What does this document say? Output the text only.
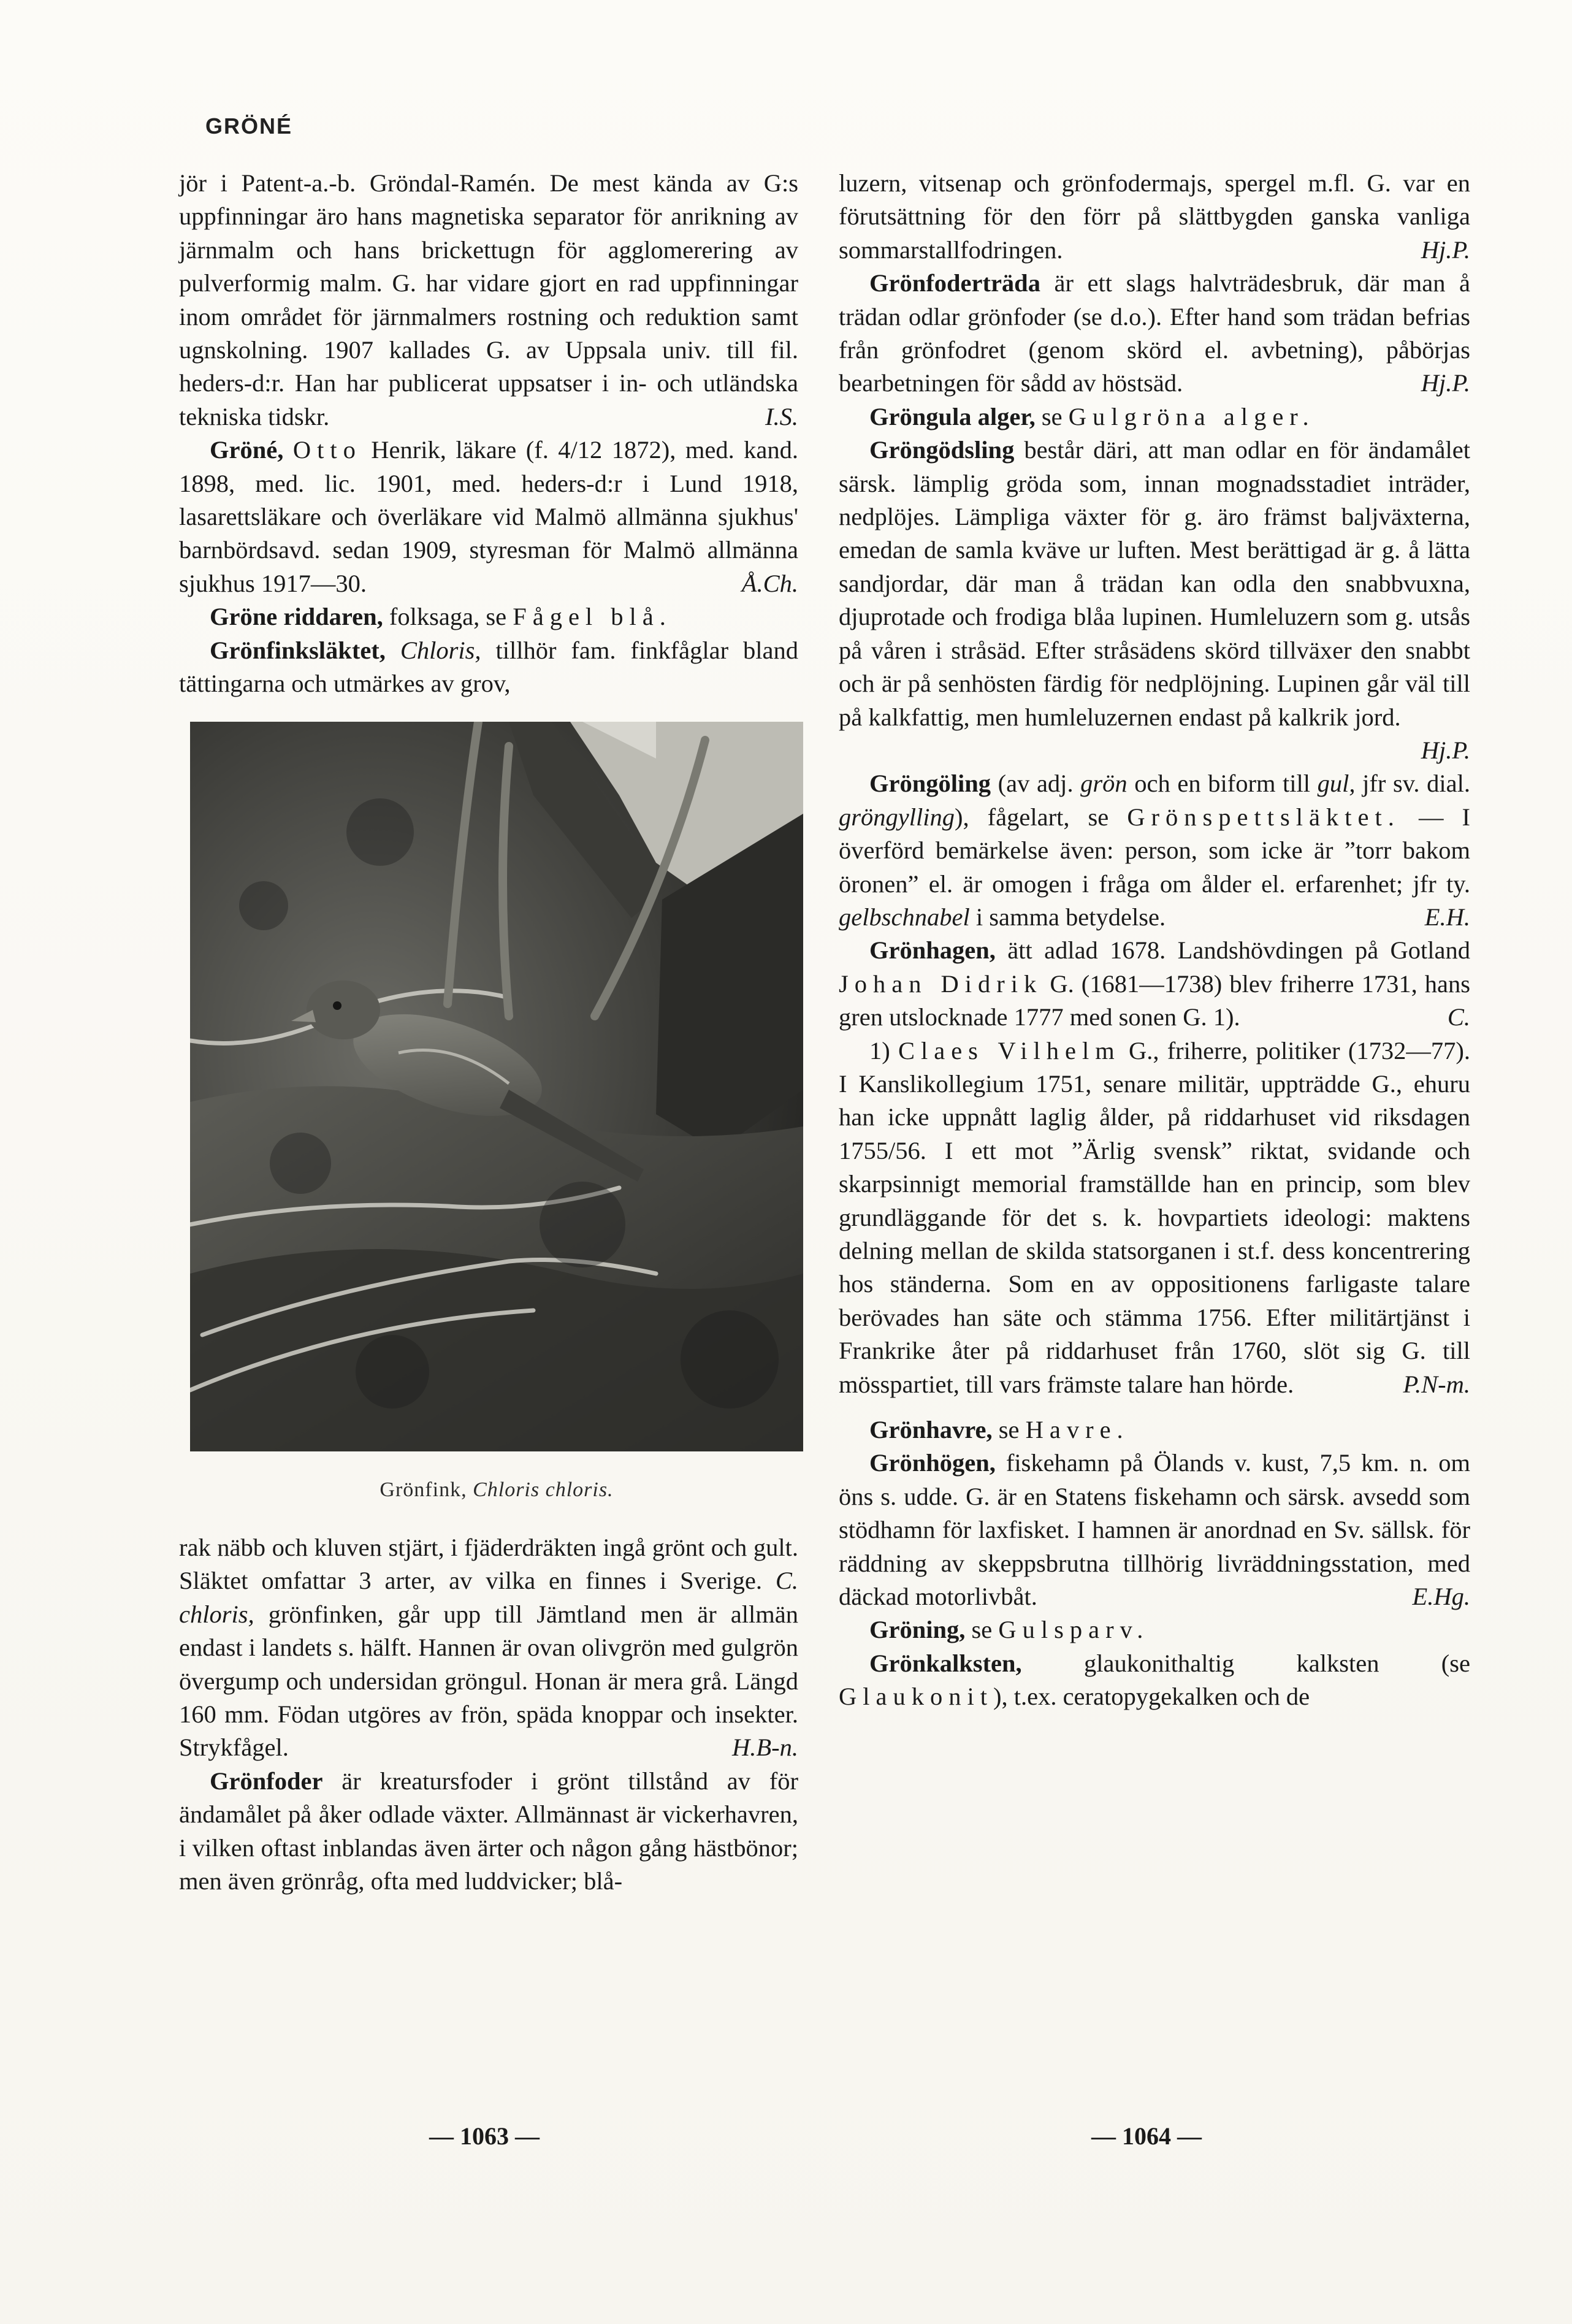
GRÖNÉ

jör i Patent-a.-b. Gröndal-Ramén. De mest kända av G:s uppfinningar äro hans magnetiska separator för anrikning av järnmalm och hans brickettugn för agglomerering av pulverformig malm. G. har vidare gjort en rad uppfinningar inom området för järnmalmers rostning och reduktion samt ugnskolning. 1907 kallades G. av Uppsala univ. till fil. heders-d:r. Han har publicerat uppsatser i in- och utländska tekniska tidskr.	I.S.

Gröné, Otto Henrik, läkare (f. 4/12 1872), med. kand. 1898, med. lic. 1901, med. heders-d:r i Lund 1918, lasarettsläkare och överläkare vid Malmö allmänna sjukhus' barnbördsavd. sedan 1909, styresman för Malmö allmänna sjukhus 1917—30.	Å.Ch.

Gröne riddaren, folksaga, se Fågel blå.

Grönfinksläktet, Chloris, tillhör fam. finkfåglar bland tättingarna och utmärkes av grov,

Grönfink, Chloris chloris.

rak näbb och kluven stjärt, i fjäderdräkten ingå grönt och gult. Släktet omfattar 3 arter, av vilka en finnes i Sverige. C. chloris, grönfinken, går upp till Jämtland men är allmän endast i landets s. hälft. Hannen är ovan olivgrön med gulgrön övergump och undersidan gröngul. Honan är mera grå. Längd 160 mm. Födan utgöres av frön, späda knoppar och insekter. Strykfågel.	H.B-n.

Grönfoder är kreatursfoder i grönt tillstånd av för ändamålet på åker odlade växter. Allmännast är vickerhavren, i vilken oftast inblandas även ärter och någon gång hästbönor; men även grönråg, ofta med luddvicker; blå-

luzern, vitsenap och grönfodermajs, spergel m.fl. G. var en förutsättning för den förr på slättbygden ganska vanliga sommarstallfodringen.	Hj.P.

Grönfoderträda är ett slags halvträdesbruk, där man å trädan odlar grönfoder (se d.o.). Efter hand som trädan befrias från grönfodret (genom skörd el. avbetning), påbörjas bearbetningen för sådd av höstsäd.	Hj.P.

Gröngula alger, se Gulgröna alger.

Gröngödsling består däri, att man odlar en för ändamålet särsk. lämplig gröda som, innan mognadsstadiet inträder, nedplöjes. Lämpliga växter för g. äro främst baljväxterna, emedan de samla kväve ur luften. Mest berättigad är g. å lätta sandjordar, där man å trädan kan odla den snabbvuxna, djuprotade och frodiga blåa lupinen. Humleluzern som g. utsås på våren i stråsäd. Efter stråsädens skörd tillväxer den snabbt och är på senhösten färdig för nedplöjning. Lupinen går väl till på kalkfattig, men humleluzernen endast på kalkrik jord.
Hj.P.

Gröngöling (av adj. grön och en biform till gul, jfr sv. dial. gröngylling), fågelart, se Grönspettsläktet. — I överförd bemärkelse även: person, som icke är ”torr bakom öronen” el. är omogen i fråga om ålder el. erfarenhet; jfr ty. gelbschnabel i samma betydelse.	E.H.

Grönhagen, ätt adlad 1678. Landshövdingen på Gotland Johan Didrik G. (1681—1738) blev friherre 1731, hans gren utslocknade 1777 med sonen G. 1).	C.

1) Claes Vilhelm G., friherre, politiker (1732—77). I Kanslikollegium 1751, senare militär, uppträdde G., ehuru han icke uppnått laglig ålder, på riddarhuset vid riksdagen 1755/56. I ett mot ”Ärlig svensk” riktat, svidande och skarpsinnigt memorial framställde han en princip, som blev grundläggande för det s. k. hovpartiets ideologi: maktens delning mellan de skilda statsorganen i st.f. dess koncentrering hos ständerna. Som en av oppositionens farligaste talare berövades han säte och stämma 1756. Efter militärtjänst i Frankrike åter på riddarhuset från 1760, slöt sig G. till mösspartiet, till vars främste talare han hörde.	P.N-m.

Grönhavre, se Havre.

Grönhögen, fiskehamn på Ölands v. kust, 7,5 km. n. om öns s. udde. G. är en Statens fiskehamn och särsk. avsedd som stödhamn för laxfisket. I hamnen är anordnad en Sv. sällsk. för räddning av skeppsbrutna tillhörig livräddningsstation, med däckad motorlivbåt.	E.Hg.

Gröning, se Gulsparv.

Grönkalksten, glaukonithaltig kalksten (se Glaukonit), t.ex. ceratopygekalken och de

— 1063 —	— 1064 —
